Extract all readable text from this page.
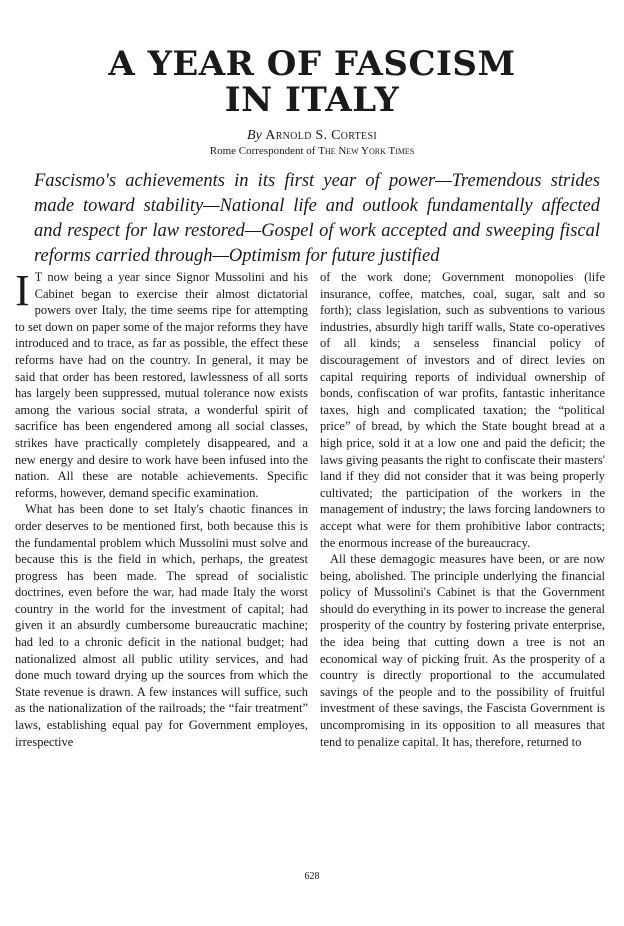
A YEAR OF FASCISM
IN ITALY
By Arnold S. Cortesi
Rome Correspondent of The New York Times

Fascismo's achievements in its first year of power—Tremendous strides made toward stability—National life and outlook fundamentally affected and respect for law restored—Gospel of work accepted and sweeping fiscal reforms carried through—Optimism for future justified

I T now being a year since Signor Mussolini and his Cabinet began to exercise their almost dictatorial powers over Italy, the time seems ripe for attempting to set down on paper some of the major reforms they have introduced and to trace, as far as possible, the effect these reforms have had on the country. In general, it may be said that order has been restored, lawlessness of all sorts has largely been suppressed, mutual tolerance now exists among the various social strata, a wonderful spirit of sacrifice has been engendered among all social classes, strikes have practically completely disappeared, and a new energy and desire to work have been infused into the nation. All these are notable achievements. Specific reforms, however, demand specific examination.

What has been done to set Italy's chaotic finances in order deserves to be mentioned first, both because this is the fundamental problem which Mussolini must solve and because this is the field in which, perhaps, the greatest progress has been made. The spread of socialistic doctrines, even before the war, had made Italy the worst country in the world for the investment of capital; had given it an absurdly cumbersome bureaucratic machine; had led to a chronic deficit in the national budget; had nationalized almost all public utility services, and had done much toward drying up the sources from which the State revenue is drawn. A few instances will suffice, such as the nationalization of the railroads; the “fair treatment” laws, establishing equal pay for Government employes, irrespective

of the work done; Government monopolies (life insurance, coffee, matches, coal, sugar, salt and so forth); class legislation, such as subventions to various industries, absurdly high tariff walls, State co-operatives of all kinds; a senseless financial policy of discouragement of investors and of direct levies on capital requiring reports of individual ownership of bonds, confiscation of war profits, fantastic inheritance taxes, high and complicated taxation; the “political price” of bread, by which the State bought bread at a high price, sold it at a low one and paid the deficit; the laws giving peasants the right to confiscate their masters' land if they did not consider that it was being properly cultivated; the participation of the workers in the management of industry; the laws forcing landowners to accept what were for them prohibitive labor contracts; the enormous increase of the bureaucracy.

All these demagogic measures have been, or are now being, abolished. The principle underlying the financial policy of Mussolini's Cabinet is that the Government should do everything in its power to increase the general prosperity of the country by fostering private enterprise, the idea being that cutting down a tree is not an economical way of picking fruit. As the prosperity of a country is directly proportional to the accumulated savings of the people and to the possibility of fruitful investment of these savings, the Fascista Government is uncompromising in its opposition to all measures that tend to penalize capital. It has, therefore, returned to

628
